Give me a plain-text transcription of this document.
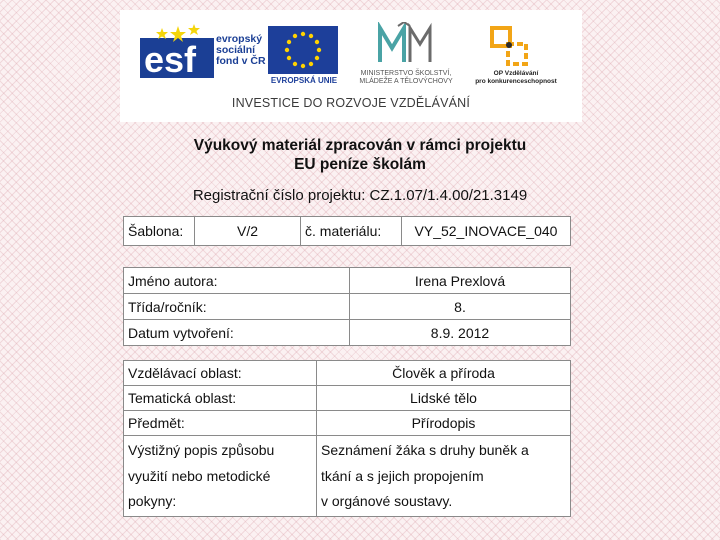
esf evropský
sociální
fond v ČR
EVROPSKÁ UNIE
MINISTERSTVO ŠKOLSTVÍ,
MLÁDEŽE A TĚLOVÝCHOVY
OP Vzdělávání
pro konkurenceschopnost
INVESTICE DO ROZVOJE VZDĚLÁVÁNÍ
Výukový materiál zpracován v rámci projektu
EU peníze školám
Registrační číslo projektu: CZ.1.07/1.4.00/21.3149
Šablona:	V/2	č. materiálu:	VY_52_INOVACE_040
Jméno autora:	Irena Prexlová
Třída/ročník:	8.
Datum vytvoření:	8.9. 2012
Vzdělávací oblast:	Člověk a příroda
Tematická oblast:	Lidské tělo
Předmět:	Přírodopis

Výstižný popis způsobu
využití nebo metodické
pokyny:	Seznámení žáka s druhy buněk a
tkání a s jejich propojením
v orgánové soustavy.
